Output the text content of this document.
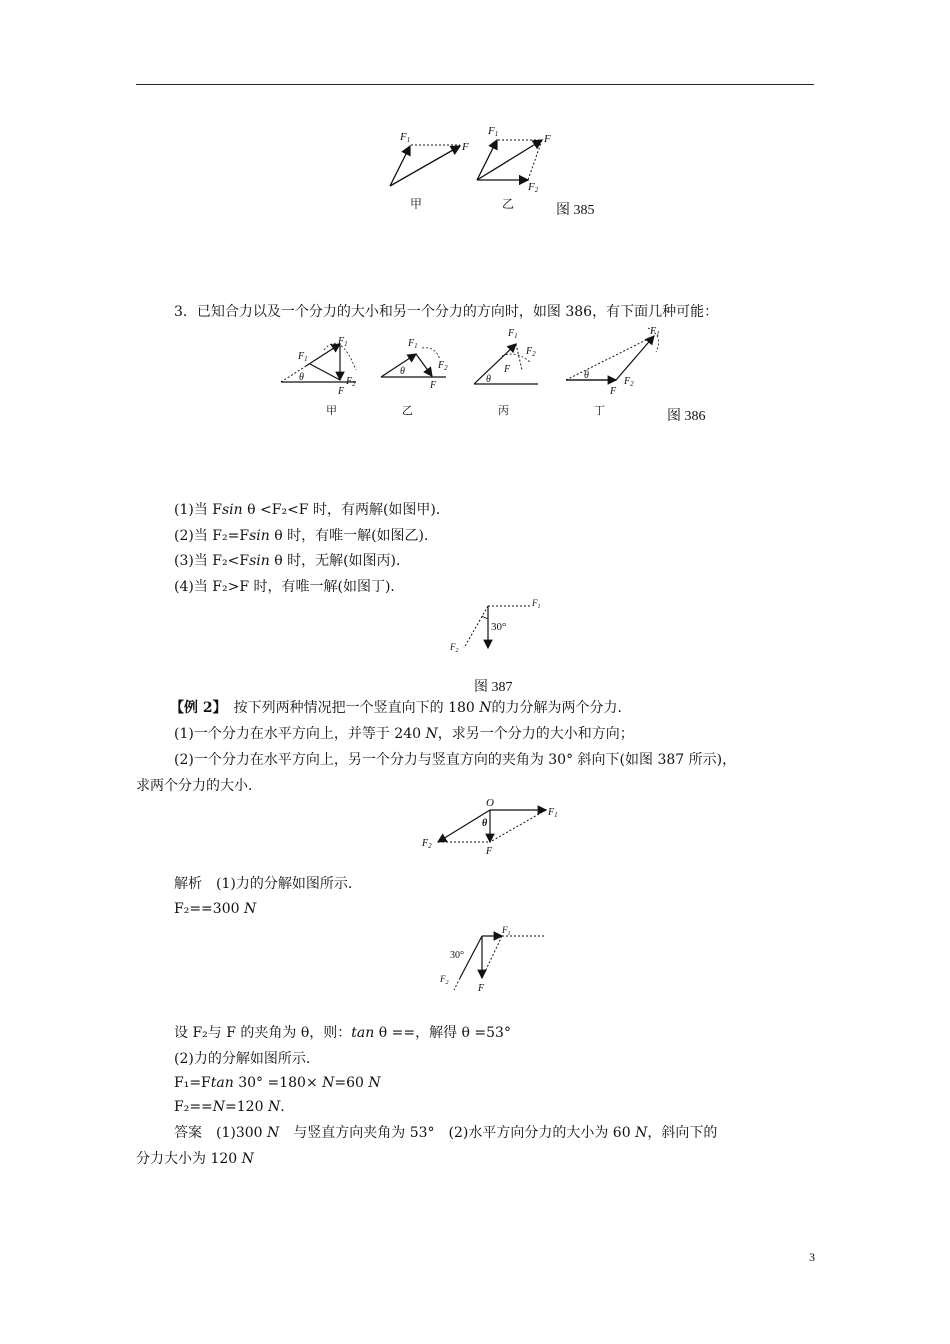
F1
F
F1	F
F2
甲	乙	图 385
3．已知合力以及一个分力的大小和另一个分力的方向时，如图 386，有下面几种可能：
$F_1$
$F_1$
θ
F
$F_2$
$F_1$
θ
F
$F_2$
$F_1$
$F_2$
θ
F
$F_1$
θ
F
$F_2$
甲	乙	丙	丁	图 386
(1)当 Fsin θ <F₂<F 时，有两解(如图甲)．
(2)当 F₂=Fsin θ 时，有唯一解(如图乙)．
(3)当 F₂<Fsin θ 时，无解(如图丙)．
(4)当 F₂>F 时，有唯一解(如图丁)．
30°
$F_1$
$F_2$
图 387
【例 2】　 按下列两种情况把一个竖直向下的 180 N的力分解为两个分力．
(1)一个分力在水平方向上，并等于 240 N，求另一个分力的大小和方向；
(2)一个分力在水平方向上，另一个分力与竖直方向的夹角为 30° 斜向下(如图 387 所示)，
求两个分力的大小．
O
θ
$F_1$
$F_2$	F
解析　(1)力的分解如图所示．
F₂==300 N
30°
$F_1$
$F_2$	F
设 F₂与 F 的夹角为 θ，则：tan θ ==，解得 θ =53°
(2)力的分解如图所示．
F₁=Ftan 30° =180× N=60 N
F₂==N=120 N.
答案　(1)300 N　 与竖直方向夹角为 53°　(2)水平方向分力的大小为 60 N，斜向下的
分力大小为 120 N
3
